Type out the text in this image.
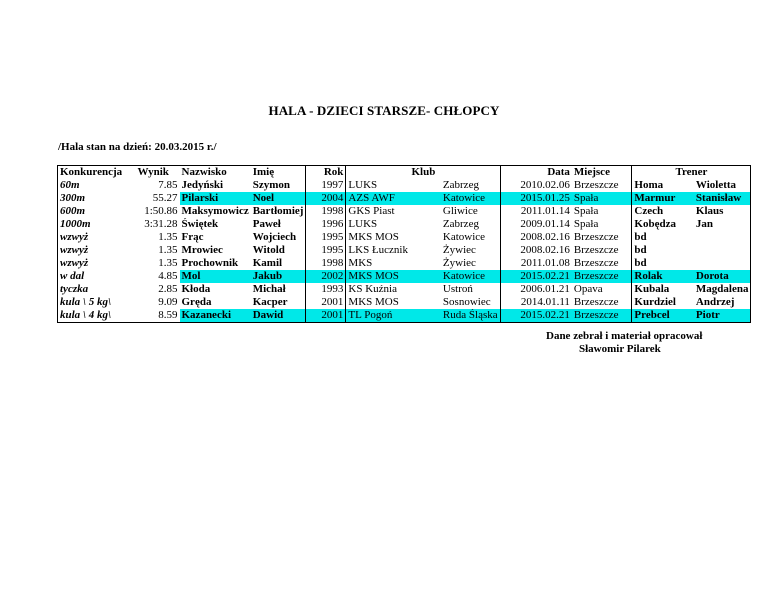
HALA - DZIECI STARSZE- CHŁOPCY
/Hala stan na dzień: 20.03.2015 r./
Konkurencja	Wynik	Nazwisko	Imię	Rok	Klub		Data	Miejsce	Trener	
60m	7.85	Jedyński	Szymon	1997	LUKS	Zabrzeg	2010.02.06	Brzeszcze	Homa	Wioletta
300m	55.27	Pilarski	Noel	2004	AZS AWF	Katowice	2015.01.25	Spała	Marmur	Stanisław
600m	1:50.86	Maksymowicz	Bartłomiej	1998	GKS Piast	Gliwice	2011.01.14	Spała	Czech	Klaus
1000m	3:31.28	Świętek	Paweł	1996	LUKS	Zabrzeg	2009.01.14	Spała	Kobędza	Jan
wzwyż	1.35	Frąc	Wojciech	1995	MKS MOS	Katowice	2008.02.16	Brzeszcze	bd	
wzwyż	1.35	Mrowiec	Witold	1995	LKS Łucznik	Żywiec	2008.02.16	Brzeszcze	bd	
wzwyż	1.35	Prochownik	Kamil	1998	MKS	Żywiec	2011.01.08	Brzeszcze	bd	
w dal	4.85	Mol	Jakub	2002	MKS MOS	Katowice	2015.02.21	Brzeszcze	Rolak	Dorota
tyczka	2.85	Kłoda	Michał	1993	KS Kuźnia	Ustroń	2006.01.21	Opava	Kubala	Magdalena
kula \ 5 kg\	9.09	Gręda	Kacper	2001	MKS MOS	Sosnowiec	2014.01.11	Brzeszcze	Kurdziel	Andrzej
kula \ 4 kg\	8.59	Kazanecki	Dawid	2001	TL Pogoń	Ruda Śląska	2015.02.21	Brzeszcze	Prebcel	Piotr
Dane zebrał i materiał opracował
Sławomir Pilarek
